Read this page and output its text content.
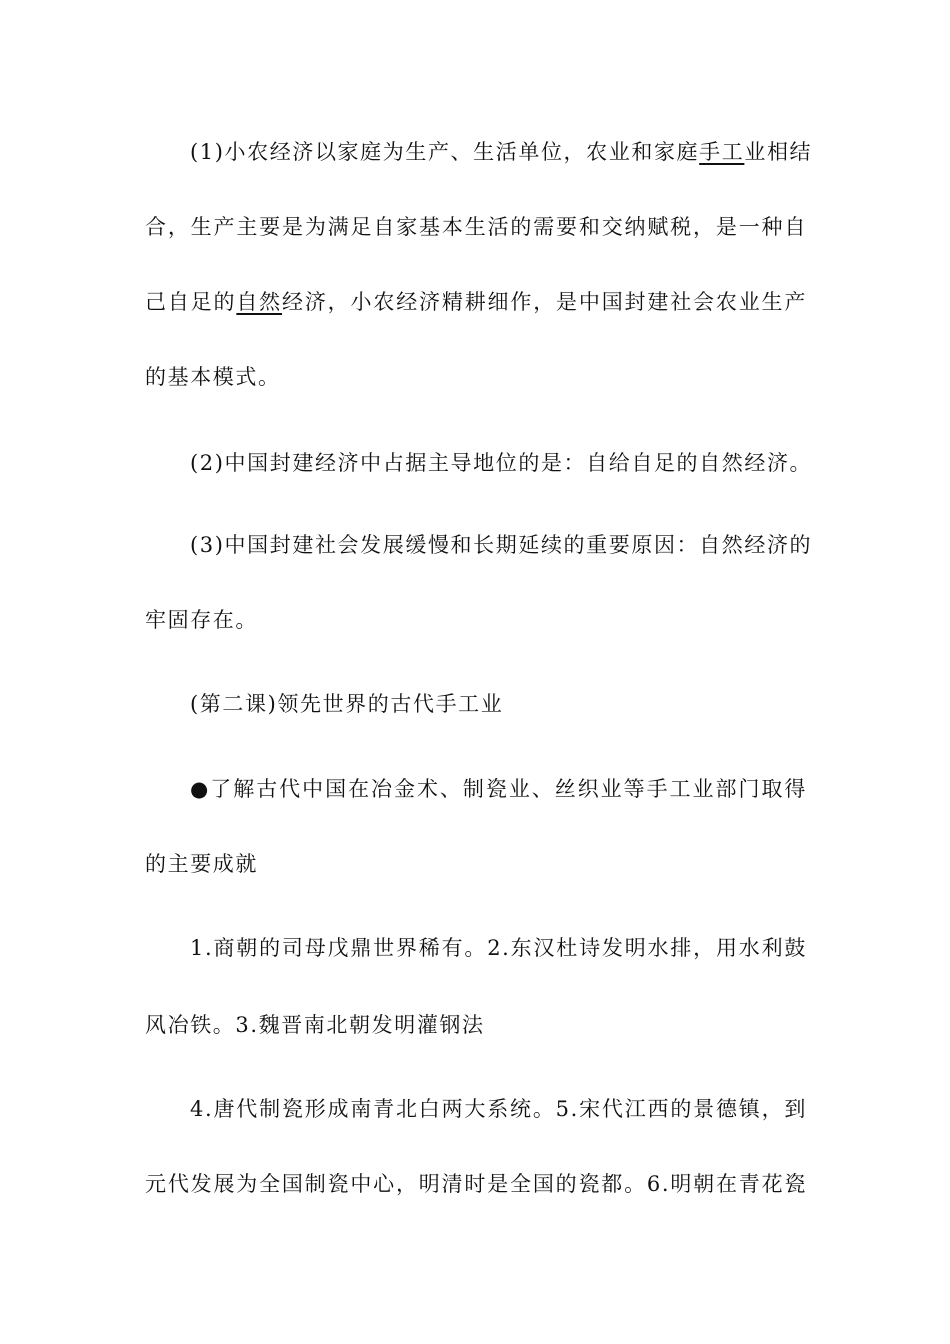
(1)小农经济以家庭为生产、生活单位，农业和家庭手工业相结
合，生产主要是为满足自家基本生活的需要和交纳赋税，是一种自
己自足的自然经济，小农经济精耕细作，是中国封建社会农业生产
的基本模式。
(2)中国封建经济中占据主导地位的是：自给自足的自然经济。
(3)中国封建社会发展缓慢和长期延续的重要原因：自然经济的
牢固存在。
(第二课)领先世界的古代手工业
●了解古代中国在冶金术、制瓷业、丝织业等手工业部门取得
的主要成就
1.商朝的司母戊鼎世界稀有。2.东汉杜诗发明水排，用水利鼓
风冶铁。3.魏晋南北朝发明灌钢法
4.唐代制瓷形成南青北白两大系统。5.宋代江西的景德镇，到
元代发展为全国制瓷中心，明清时是全国的瓷都。6.明朝在青花瓷
